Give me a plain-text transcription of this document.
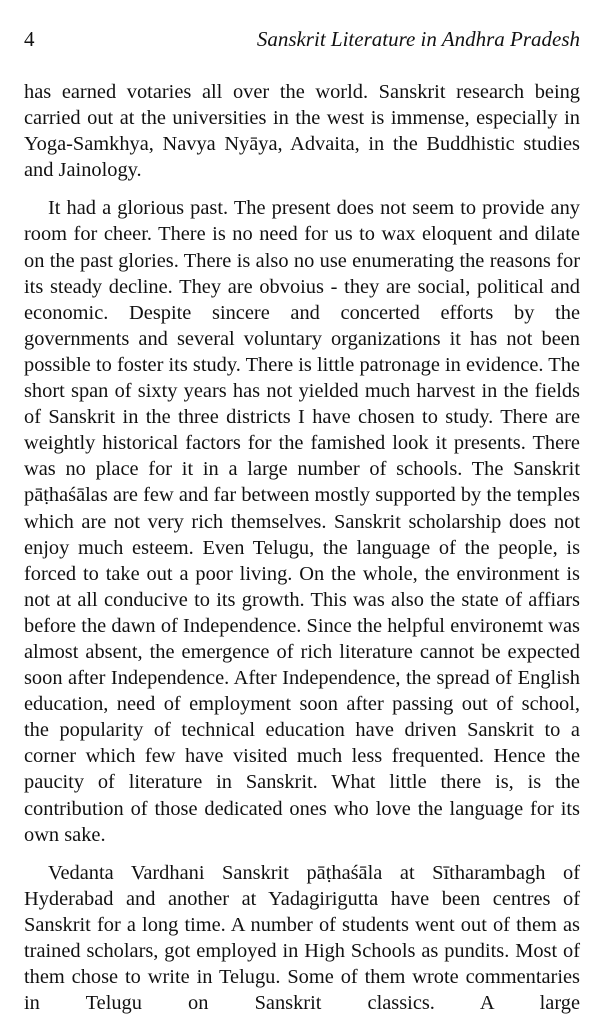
4	Sanskrit Literature in Andhra Pradesh

has earned votaries all over the world. Sanskrit research being carried out at the universities in the west is immense, especially in Yoga-Samkhya, Navya Nyāya, Advaita, in the Buddhistic studies and Jainology.

It had a glorious past. The present does not seem to provide any room for cheer. There is no need for us to wax eloquent and dilate on the past glories. There is also no use enumerating the reasons for its steady decline. They are obvoius - they are social, political and economic. Despite sincere and concerted efforts by the governments and several voluntary organizations it has not been possible to foster its study. There is little patronage in evidence. The short span of sixty years has not yielded much harvest in the fields of Sanskrit in the three districts I have chosen to study. There are weightly historical factors for the famished look it presents. There was no place for it in a large number of schools. The Sanskrit pāṭhaśālas are few and far between mostly supported by the temples which are not very rich themselves. Sanskrit scholarship does not enjoy much esteem. Even Telugu, the language of the people, is forced to take out a poor living. On the whole, the environment is not at all conducive to its growth. This was also the state of affiars before the dawn of Independence. Since the helpful environemt was almost absent, the emergence of rich literature cannot be expected soon after Independence. After Independence, the spread of English education, need of employment soon after passing out of school, the popularity of technical education have driven Sanskrit to a corner which few have visited much less frequented. Hence the paucity of literature in Sanskrit. What little there is, is the contribution of those dedicated ones who love the language for its own sake.

Vedanta Vardhani Sanskrit pāṭhaśāla at Sītharambagh of Hyderabad and another at Yadagirigutta have been centres of Sanskrit for a long time. A number of students went out of them as trained scholars, got employed in High Schools as pundits. Most of them chose to write in Telugu. Some of them wrote commentaries in Telugu on Sanskrit classics. A large
